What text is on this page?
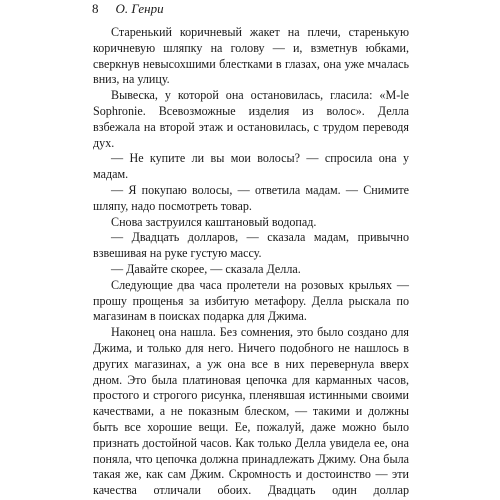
8 О. Генри

Старенький коричневый жакет на плечи, старенькую коричневую шляпку на голову — и, взметнув юбками, сверкнув невысохшими блестками в глазах, она уже мчалась вниз, на улицу.

Вывеска, у которой она остановилась, гласила: «M-le Sophronie. Всевозможные изделия из волос». Делла взбежала на второй этаж и остановилась, с трудом переводя дух.

— Не купите ли вы мои волосы? — спросила она у мадам.

— Я покупаю волосы, — ответила мадам. — Снимите шляпу, надо посмотреть товар.

Снова заструился каштановый водопад.

— Двадцать долларов, — сказала мадам, привычно взвешивая на руке густую массу.

— Давайте скорее, — сказала Делла.

Следующие два часа пролетели на розовых крыльях — прошу прощенья за избитую метафору. Делла рыскала по магазинам в поисках подарка для Джима.

Наконец она нашла. Без сомнения, это было создано для Джима, и только для него. Ничего подобного не нашлось в других магазинах, а уж она все в них перевернула вверх дном. Это была платиновая цепочка для карманных часов, простого и строгого рисунка, пленявшая истинными своими качествами, а не показным блеском, — такими и должны быть все хорошие вещи. Ее, пожалуй, даже можно было признать достойной часов. Как только Делла увидела ее, она поняла, что цепочка должна принадлежать Джиму. Она была такая же, как сам Джим. Скромность и достоинство — эти качества отличали обоих. Двадцать один доллар
